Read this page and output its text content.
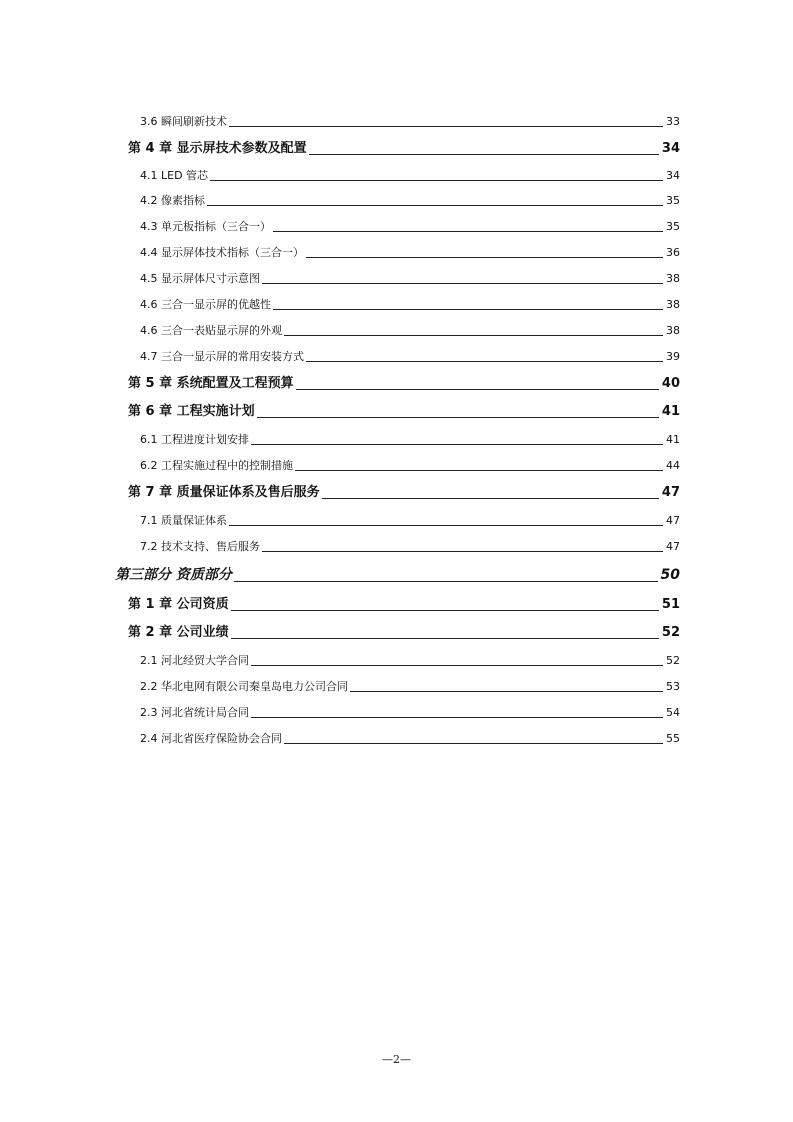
3.6 瞬间刷新技术	33
第 4 章 显示屏技术参数及配置	34
4.1 LED 管芯	34
4.2 像素指标	35
4.3 单元板指标（三合一）	35
4.4 显示屏体技术指标（三合一）	36
4.5 显示屏体尺寸示意图	38
4.6 三合一显示屏的优越性	38
4.6 三合一表贴显示屏的外观	38
4.7 三合一显示屏的常用安装方式	39
第 5 章 系统配置及工程预算	40
第 6 章 工程实施计划	41
6.1 工程进度计划安排	41
6.2 工程实施过程中的控制措施	44
第 7 章 质量保证体系及售后服务	47
7.1 质量保证体系	47
7.2 技术支持、售后服务	47
第三部分 资质部分	50
第 1 章 公司资质	51
第 2 章 公司业绩	52
2.1 河北经贸大学合同	52
2.2 华北电网有限公司秦皇岛电力公司合同	53
2.3 河北省统计局合同	54
2.4 河北省医疗保险协会合同	55
—2—
